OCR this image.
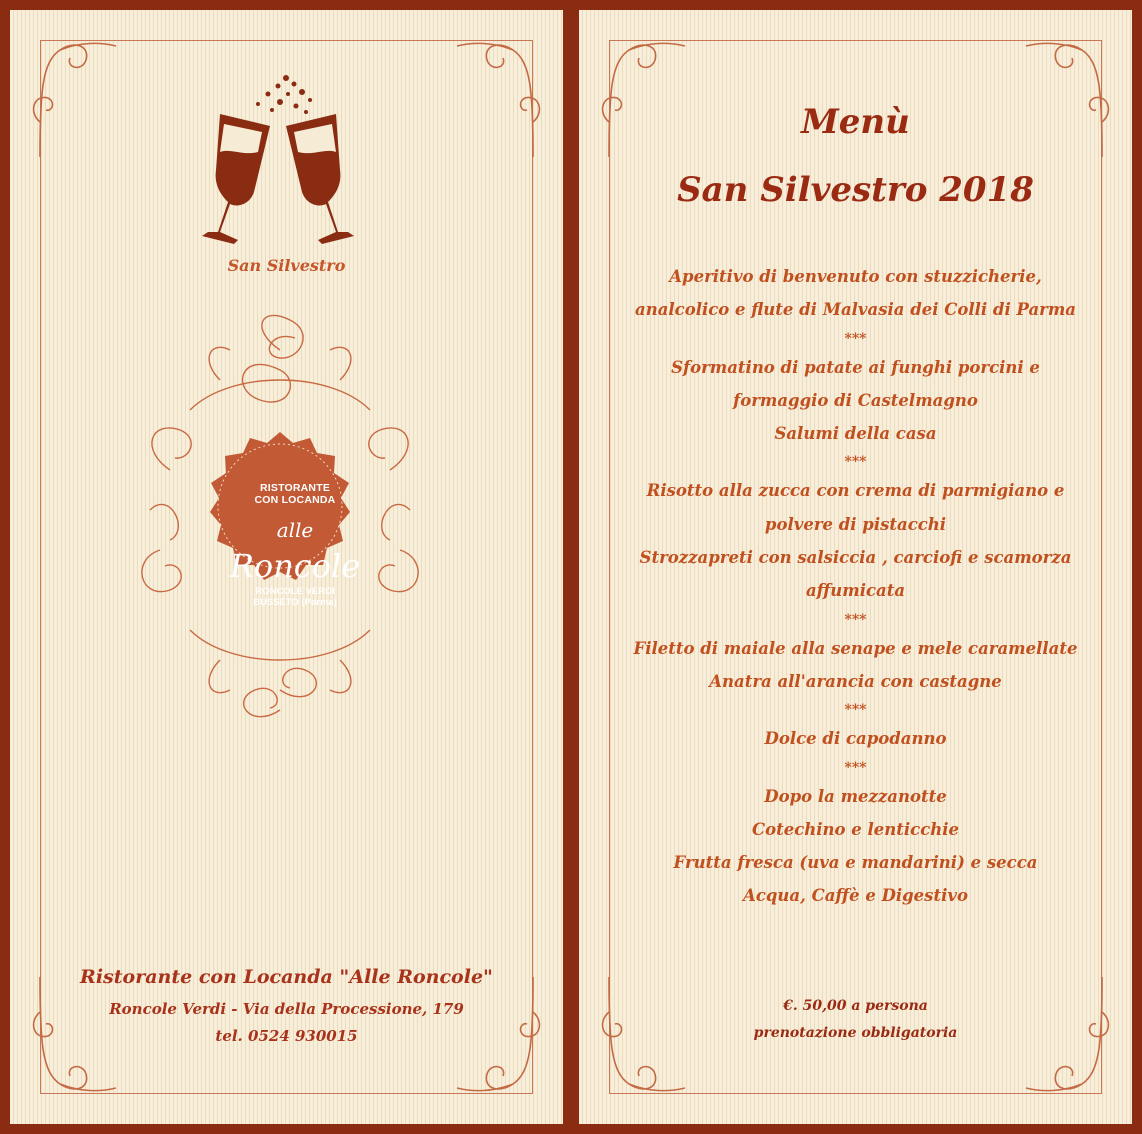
San Silvestro
RISTORANTE
CON LOCANDA
alle
Roncole
RONCOLE VERDI
BUSSETO (Parma)
Ristorante con Locanda "Alle Roncole"
Roncole Verdi - Via della Processione, 179
tel. 0524 930015
Menù
San Silvestro 2018
Aperitivo di benvenuto con stuzzicherie,
analcolico e flute di Malvasia dei Colli di Parma
***
Sformatino di patate ai funghi porcini e
formaggio di Castelmagno
Salumi della casa
***
Risotto alla zucca con crema di parmigiano e
polvere di pistacchi
Strozzapreti con salsiccia , carciofi e scamorza
affumicata
***
Filetto di maiale alla senape e mele caramellate
Anatra all'arancia con castagne
***
Dolce di capodanno
***
Dopo la mezzanotte
Cotechino e lenticchie
Frutta fresca (uva e mandarini) e secca
Acqua, Caffè e Digestivo
€. 50,00 a persona
prenotazione obbligatoria
